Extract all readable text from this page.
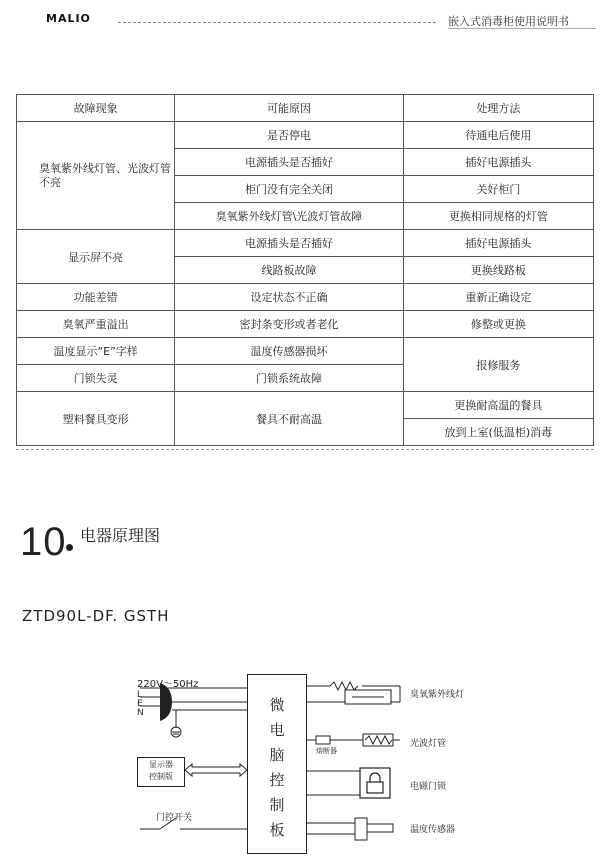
MALIO	嵌入式消毒柜使用说明书
故障现象	可能原因	处理方法
臭氧紫外线灯管、光波灯管不亮	是否停电	待通电后使用
	电源插头是否插好	插好电源插头
	柜门没有完全关闭	关好柜门
	臭氧紫外线灯管\光波灯管故障	更换相同规格的灯管
显示屏不亮	电源插头是否插好	插好电源插头
	线路板故障	更换线路板
功能差错	设定状态不正确	重新正确设定
臭氧严重溢出	密封条变形或者老化	修整或更换
温度显示“E”字样	温度传感器损坏	报修服务
门锁失灵	门锁系统故障	
塑料餐具变形	餐具不耐高温	更换耐高温的餐具
		放到上室(低温柜)消毒
10 电器原理图
ZTD90L-DF. GSTH
220V～50Hz
L
E
N
显示器
控制版
门控开关
微
电
脑
控
制
板
熔断器
臭氧紫外线灯
光波灯管
电磁门锁
温度传感器
